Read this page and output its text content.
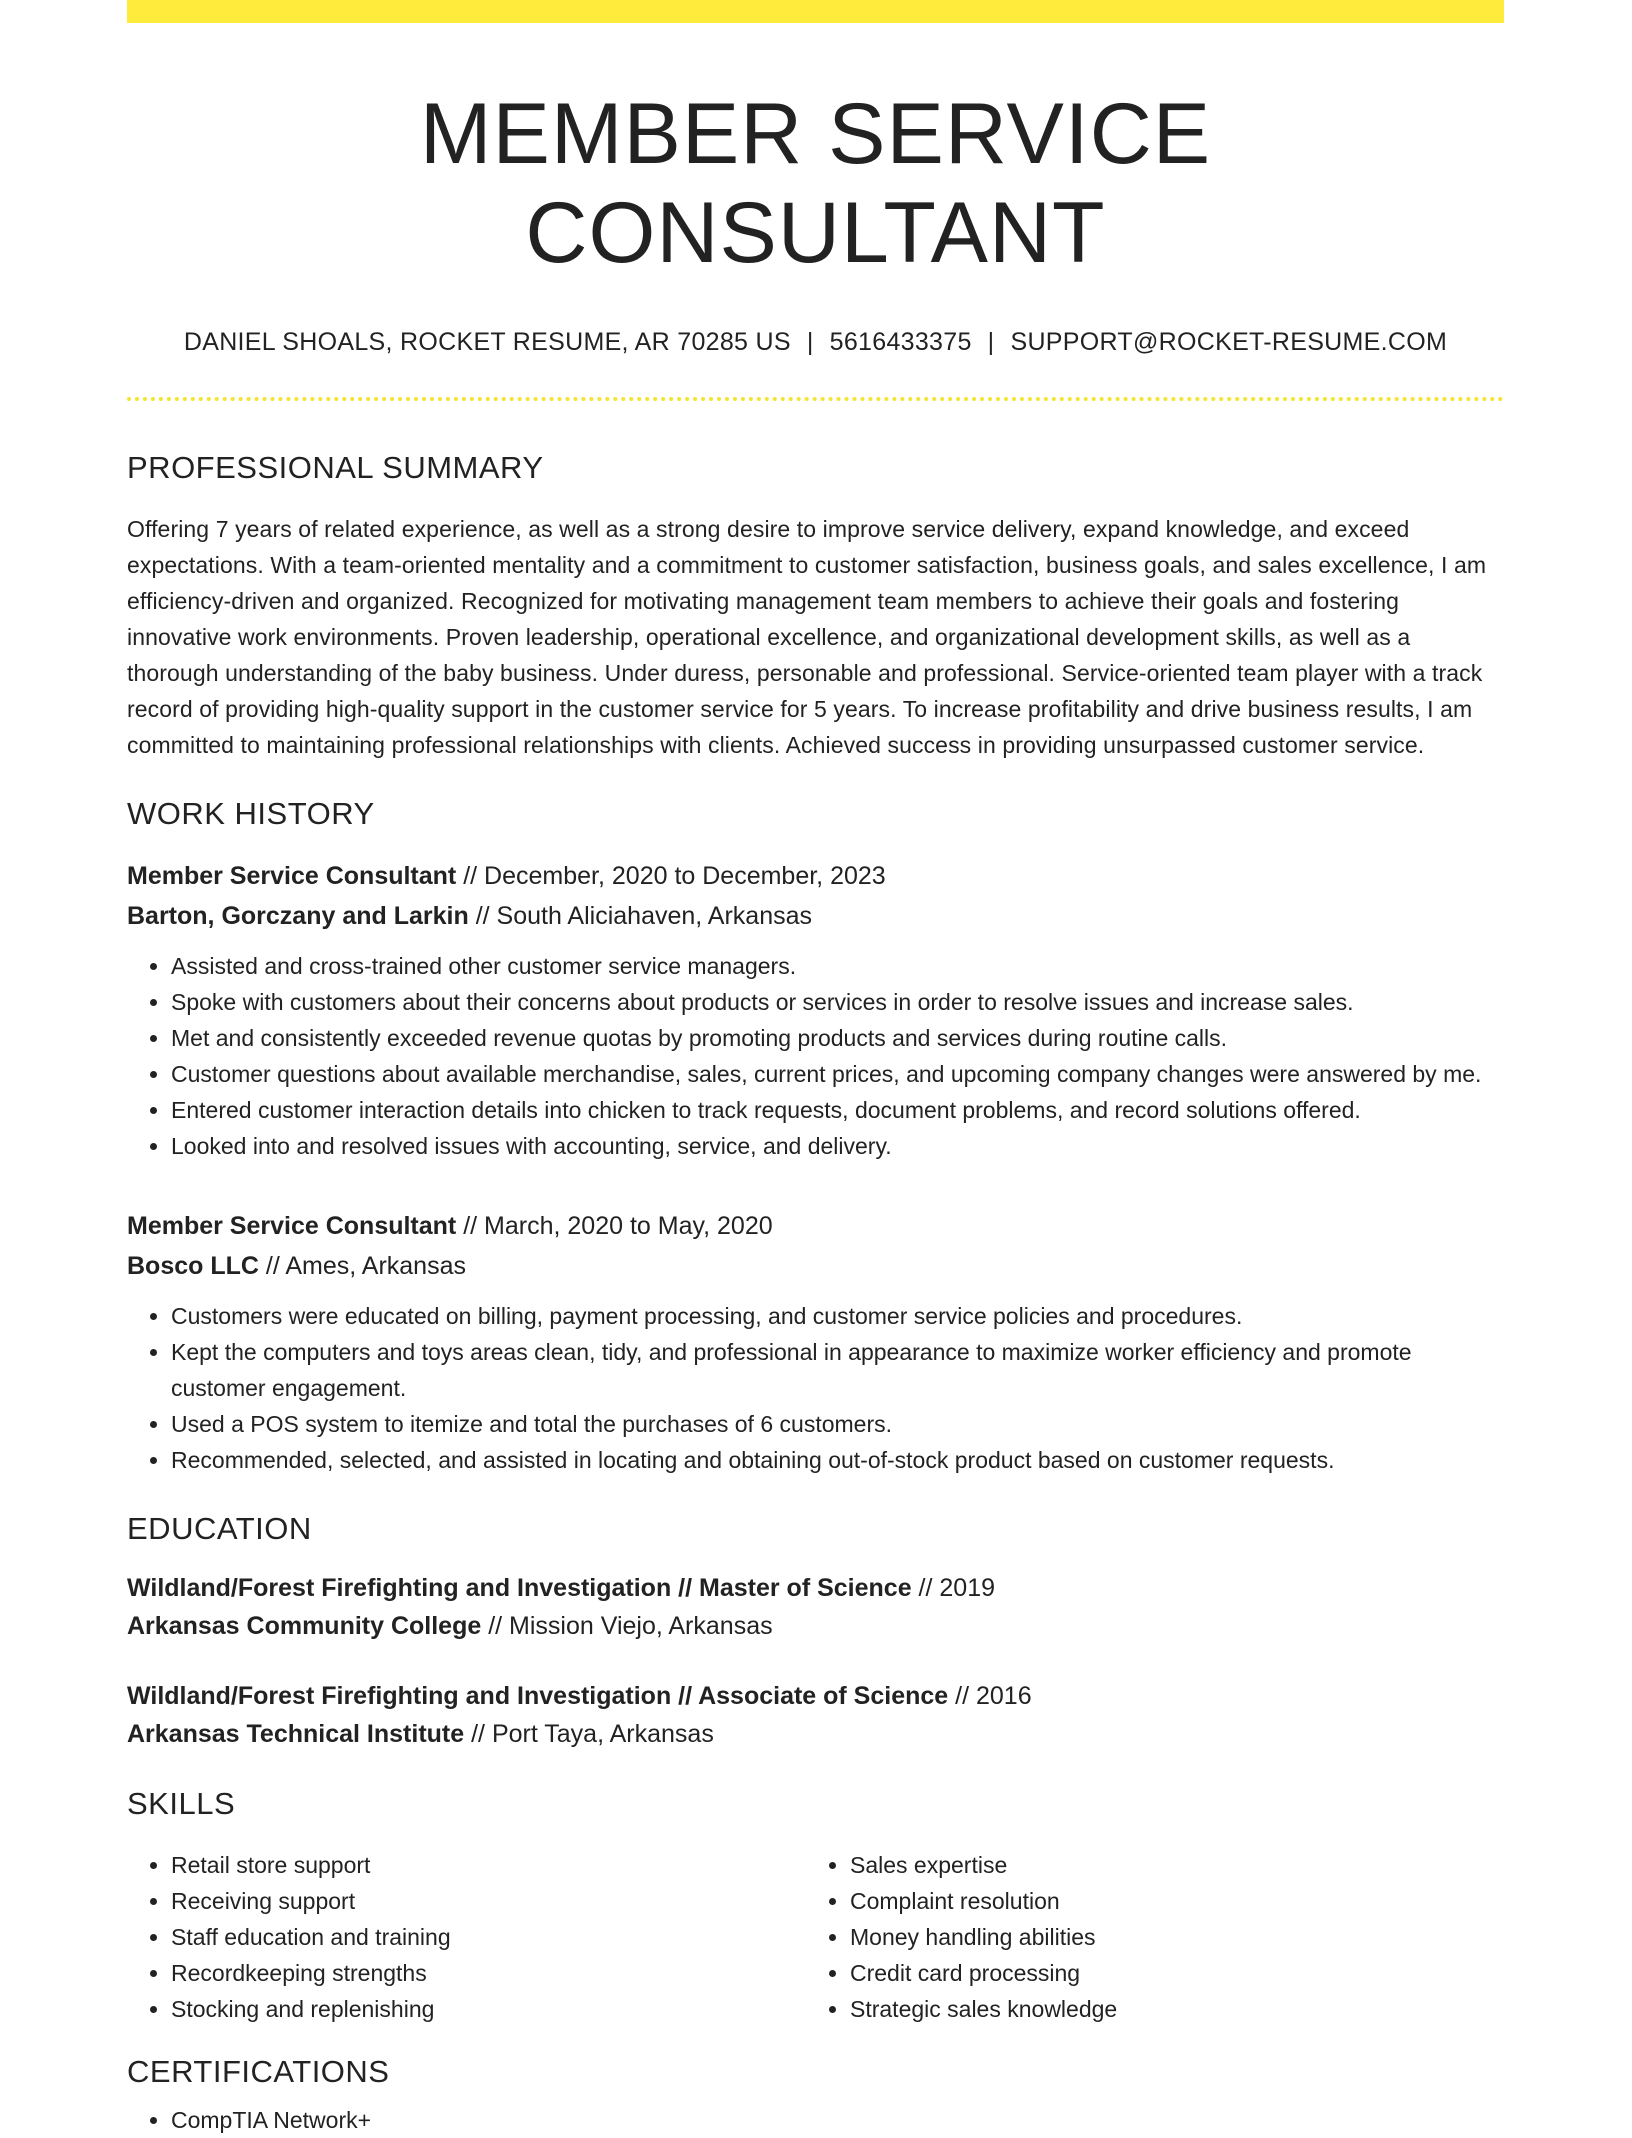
MEMBER SERVICE CONSULTANT
DANIEL SHOALS, ROCKET RESUME, AR 70285 US | 5616433375 | SUPPORT@ROCKET-RESUME.COM
PROFESSIONAL SUMMARY

Offering 7 years of related experience, as well as a strong desire to improve service delivery, expand knowledge, and exceed expectations. With a team-oriented mentality and a commitment to customer satisfaction, business goals, and sales excellence, I am efficiency-driven and organized. Recognized for motivating management team members to achieve their goals and fostering innovative work environments. Proven leadership, operational excellence, and organizational development skills, as well as a thorough understanding of the baby business. Under duress, personable and professional. Service-oriented team player with a track record of providing high-quality support in the customer service for 5 years. To increase profitability and drive business results, I am committed to maintaining professional relationships with clients. Achieved success in providing unsurpassed customer service.

WORK HISTORY
Member Service Consultant // December, 2020 to December, 2023
Barton, Gorczany and Larkin // South Aliciahaven, Arkansas
• Assisted and cross-trained other customer service managers.
• Spoke with customers about their concerns about products or services in order to resolve issues and increase sales.
• Met and consistently exceeded revenue quotas by promoting products and services during routine calls.
• Customer questions about available merchandise, sales, current prices, and upcoming company changes were answered by me.
• Entered customer interaction details into chicken to track requests, document problems, and record solutions offered.
• Looked into and resolved issues with accounting, service, and delivery.
Member Service Consultant // March, 2020 to May, 2020
Bosco LLC // Ames, Arkansas
• Customers were educated on billing, payment processing, and customer service policies and procedures.
• Kept the computers and toys areas clean, tidy, and professional in appearance to maximize worker efficiency and promote customer engagement.
• Used a POS system to itemize and total the purchases of 6 customers.
• Recommended, selected, and assisted in locating and obtaining out-of-stock product based on customer requests.
EDUCATION
Wildland/Forest Firefighting and Investigation // Master of Science // 2019
Arkansas Community College // Mission Viejo, Arkansas
Wildland/Forest Firefighting and Investigation // Associate of Science // 2016
Arkansas Technical Institute // Port Taya, Arkansas
SKILLS
• Retail store support
• Receiving support
• Staff education and training
• Recordkeeping strengths
• Stocking and replenishing
• Sales expertise
• Complaint resolution
• Money handling abilities
• Credit card processing
• Strategic sales knowledge
CERTIFICATIONS
• CompTIA Network+
